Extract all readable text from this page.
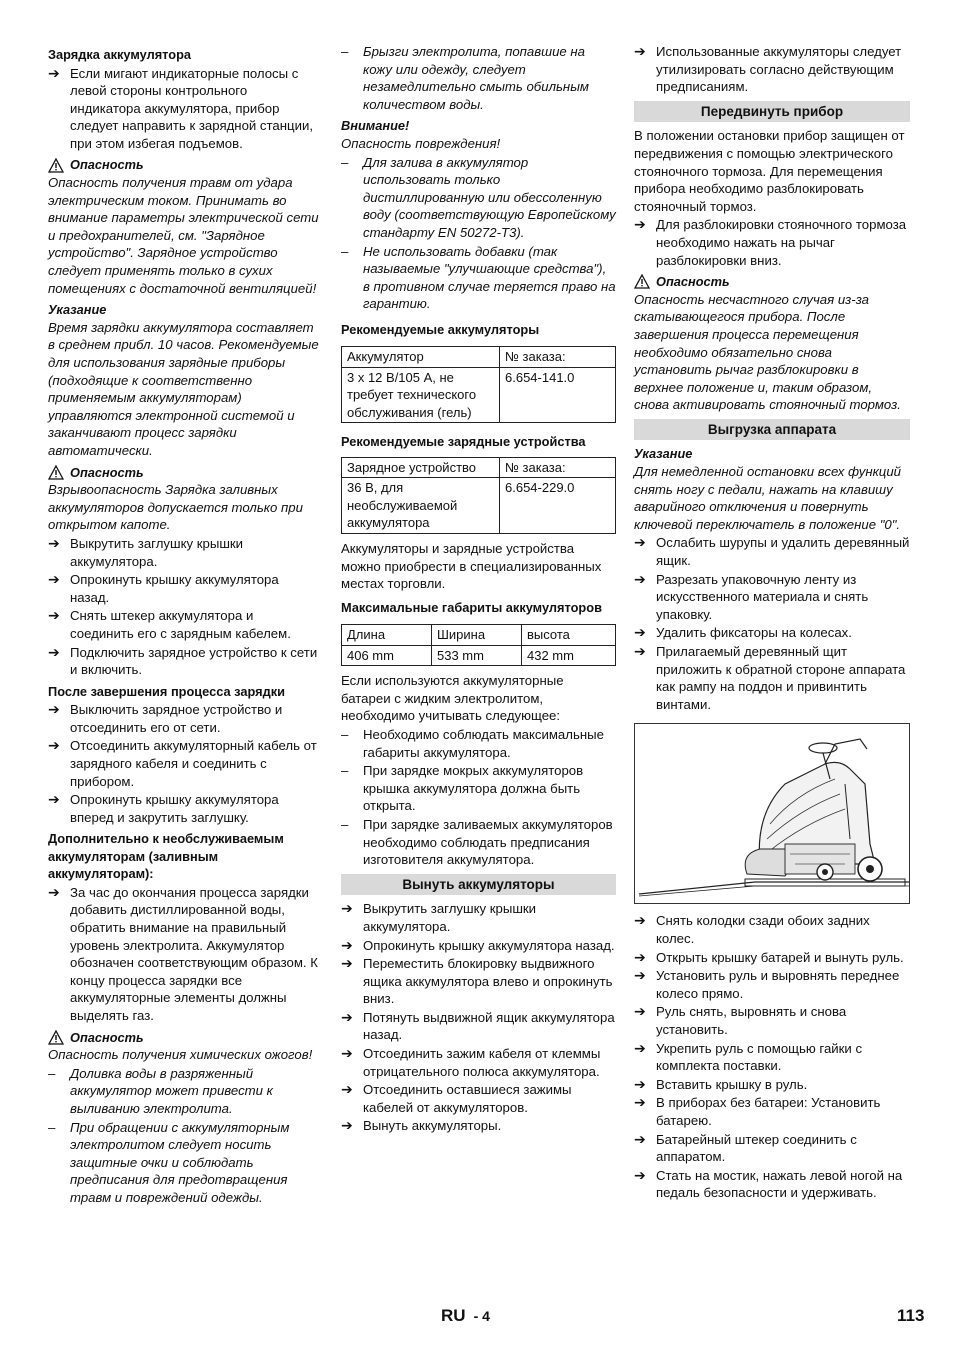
Зарядка аккумулятора
➔ Если мигают индикаторные полосы с левой стороны контрольного индикатора аккумулятора, прибор следует направить к зарядной станции, при этом избегая подъемов.
Опасность
Опасность получения травм от удара электрическим током. Принимать во внимание параметры электрической сети и предохранителей, см. "Зарядное устройство". Зарядное устройство следует применять только в сухих помещениях с достаточной вентиляцией!
Указание
Время зарядки аккумулятора составляет в среднем прибл. 10 часов. Рекомендуемые для использования зарядные приборы (подходящие к соответственно применяемым аккумуляторам) управляются электронной системой и заканчивают процесс зарядки автоматически.
Опасность
Взрывоопасность Зарядка заливных аккумуляторов допускается только при открытом капоте.
➔ Выкрутить заглушку крышки аккумулятора.
➔ Опрокинуть крышку аккумулятора назад.
➔ Снять штекер аккумулятора и соединить его с зарядным кабелем.
➔ Подключить зарядное устройство к сети и включить.
После завершения процесса зарядки
➔ Выключить зарядное устройство и отсоединить его от сети.
➔ Отсоединить аккумуляторный кабель от зарядного кабеля и соединить с прибором.
➔ Опрокинуть крышку аккумулятора вперед и закрутить заглушку.
Дополнительно к необслуживаемым аккумуляторам (заливным аккумуляторам):
➔ За час до окончания процесса зарядки добавить дистиллированной воды, обратить внимание на правильный уровень электролита. Аккумулятор обозначен соответствующим образом. К концу процесса зарядки все аккумуляторные элементы должны выделять газ.
Опасность
Опасность получения химических ожогов!
– Доливка воды в разряженный аккумулятор может привести к выливанию электролита.
– При обращении с аккумуляторным электролитом следует носить защитные очки и соблюдать предписания для предотвращения травм и повреждений одежды.
– Брызги электролита, попавшие на кожу или одежду, следует незамедлительно смыть обильным количеством воды.
Внимание!
Опасность повреждения!
– Для залива в аккумулятор использовать только дистиллированную или обессоленную воду (соответствующую Европейскому стандарту EN 50272-T3).
– Не использовать добавки (так называемые "улучшающие средства"), в противном случае теряется право на гарантию.
Рекомендуемые аккумуляторы
Аккумулятор	№ заказа:
3 x 12 В/105 А, не требует технического обслуживания (гель)	6.654-141.0
Рекомендуемые зарядные устройства
Зарядное устройство	№ заказа:
36 В, для необслуживаемой аккумулятора	6.654-229.0
Аккумуляторы и зарядные устройства можно приобрести в специализированных местах торговли.
Максимальные габариты аккумуляторов
Длина	Ширина	высота
406 mm	533 mm	432 mm
Если используются аккумуляторные батареи с жидким электролитом, необходимо учитывать следующее:
– Необходимо соблюдать максимальные габариты аккумулятора.
– При зарядке мокрых аккумуляторов крышка аккумулятора должна быть открыта.
– При зарядке заливаемых аккумуляторов необходимо соблюдать предписания изготовителя аккумулятора.
Вынуть аккумуляторы
➔ Выкрутить заглушку крышки аккумулятора.
➔ Опрокинуть крышку аккумулятора назад.
➔ Переместить блокировку выдвижного ящика аккумулятора влево и опрокинуть вниз.
➔ Потянуть выдвижной ящик аккумулятора назад.
➔ Отсоединить зажим кабеля от клеммы отрицательного полюса аккумулятора.
➔ Отсоединить оставшиеся зажимы кабелей от аккумуляторов.
➔ Вынуть аккумуляторы.
➔ Использованные аккумуляторы следует утилизировать согласно действующим предписаниям.
Передвинуть прибор
В положении остановки прибор защищен от передвижения с помощью электрического стояночного тормоза. Для перемещения прибора необходимо разблокировать стояночный тормоз.
➔ Для разблокировки стояночного тормоза необходимо нажать на рычаг разблокировки вниз.
Опасность
Опасность несчастного случая из-за скатывающегося прибора. После завершения процесса перемещения необходимо обязательно снова установить рычаг разблокировки в верхнее положение и, таким образом, снова активировать стояночный тормоз.
Выгрузка аппарата
Указание
Для немедленной остановки всех функций снять ногу с педали, нажать на клавишу аварийного отключения и повернуть ключевой переключатель в положение "0".
➔ Ослабить шурупы и удалить деревянный ящик.
➔ Разрезать упаковочную ленту из искусственного материала и снять упаковку.
➔ Удалить фиксаторы на колесах.
➔ Прилагаемый деревянный щит приложить к обратной стороне аппарата как рампу на поддон и привинтить винтами.
➔ Снять колодки сзади обоих задних колес.
➔ Открыть крышку батарей и вынуть руль.
➔ Установить руль и выровнять переднее колесо прямо.
➔ Руль снять, выровнять и снова установить.
➔ Укрепить руль с помощью гайки с комплекта поставки.
➔ Вставить крышку в руль.
➔ В приборах без батареи: Установить батарею.
➔ Батарейный штекер соединить с аппаратом.
➔ Стать на мостик, нажать левой ногой на педаль безопасности и удерживать.
RU - 4	113
